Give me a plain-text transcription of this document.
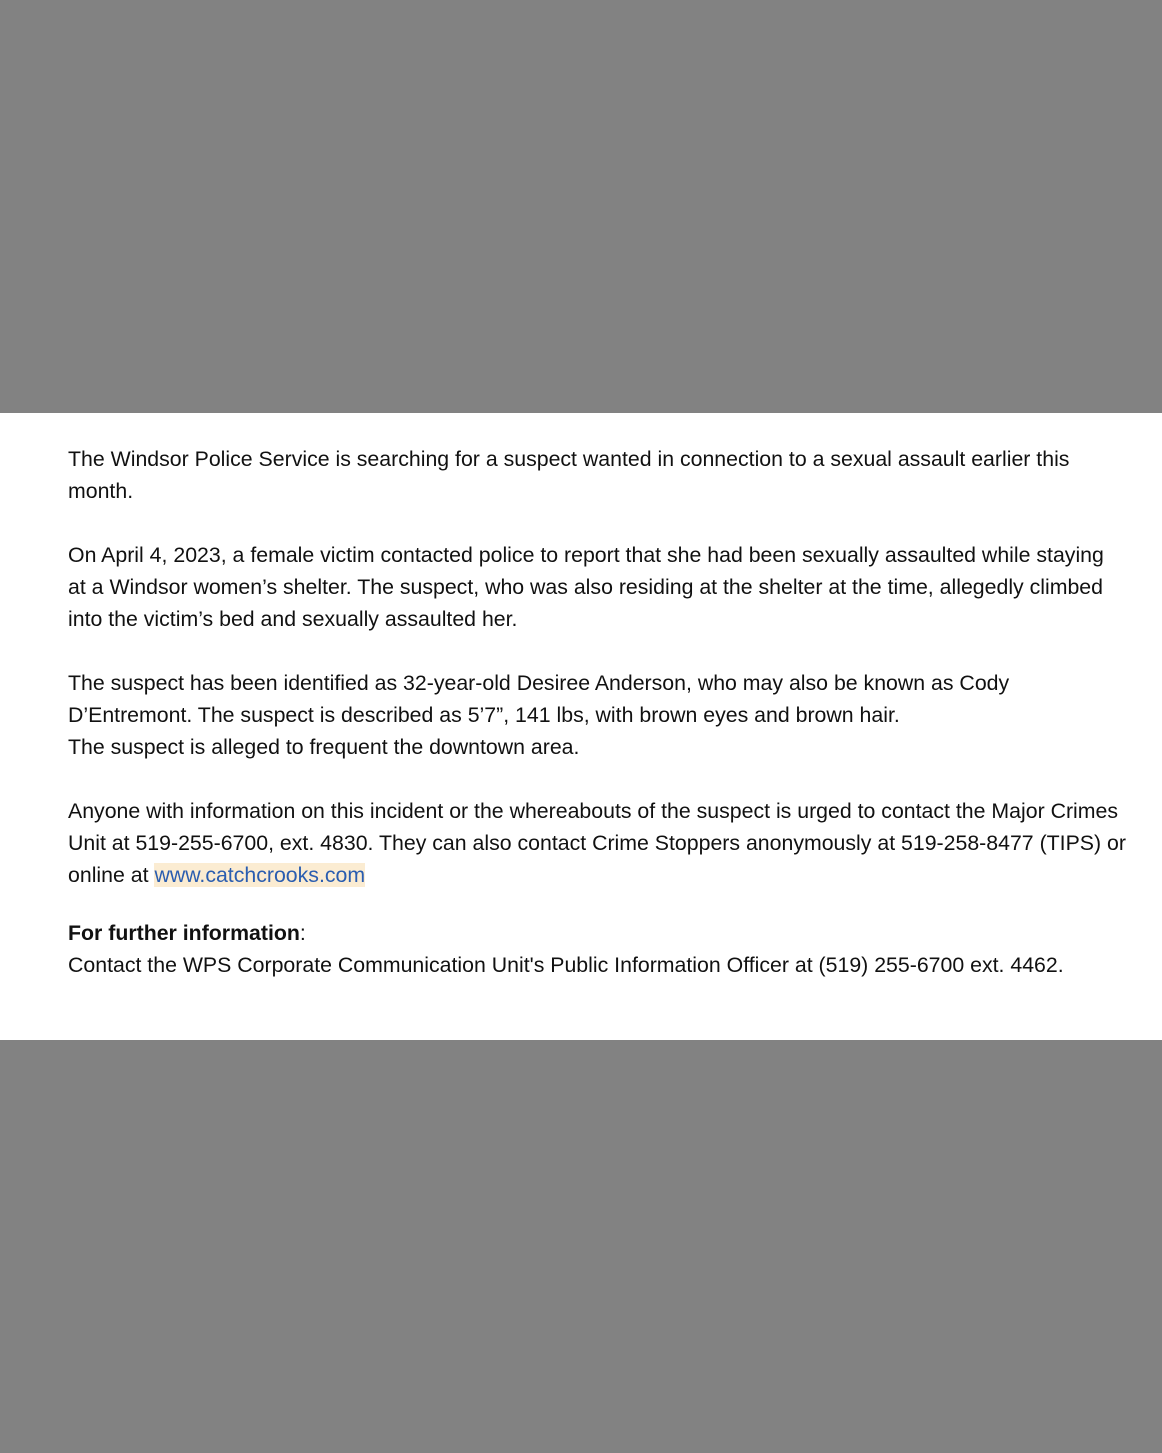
The Windsor Police Service is searching for a suspect wanted in connection to a sexual assault earlier this month.

On April 4, 2023, a female victim contacted police to report that she had been sexually assaulted while staying at a Windsor women’s shelter. The suspect, who was also residing at the shelter at the time, allegedly climbed into the victim’s bed and sexually assaulted her.

The suspect has been identified as 32-year-old Desiree Anderson, who may also be known as Cody D’Entremont. The suspect is described as 5’7”, 141 lbs, with brown eyes and brown hair.
The suspect is alleged to frequent the downtown area.

Anyone with information on this incident or the whereabouts of the suspect is urged to contact the Major Crimes Unit at 519-255-6700, ext. 4830. They can also contact Crime Stoppers anonymously at 519-258-8477 (TIPS) or online at www.catchcrooks.com

For further information:

Contact the WPS Corporate Communication Unit's Public Information Officer at (519) 255-6700 ext. 4462.
